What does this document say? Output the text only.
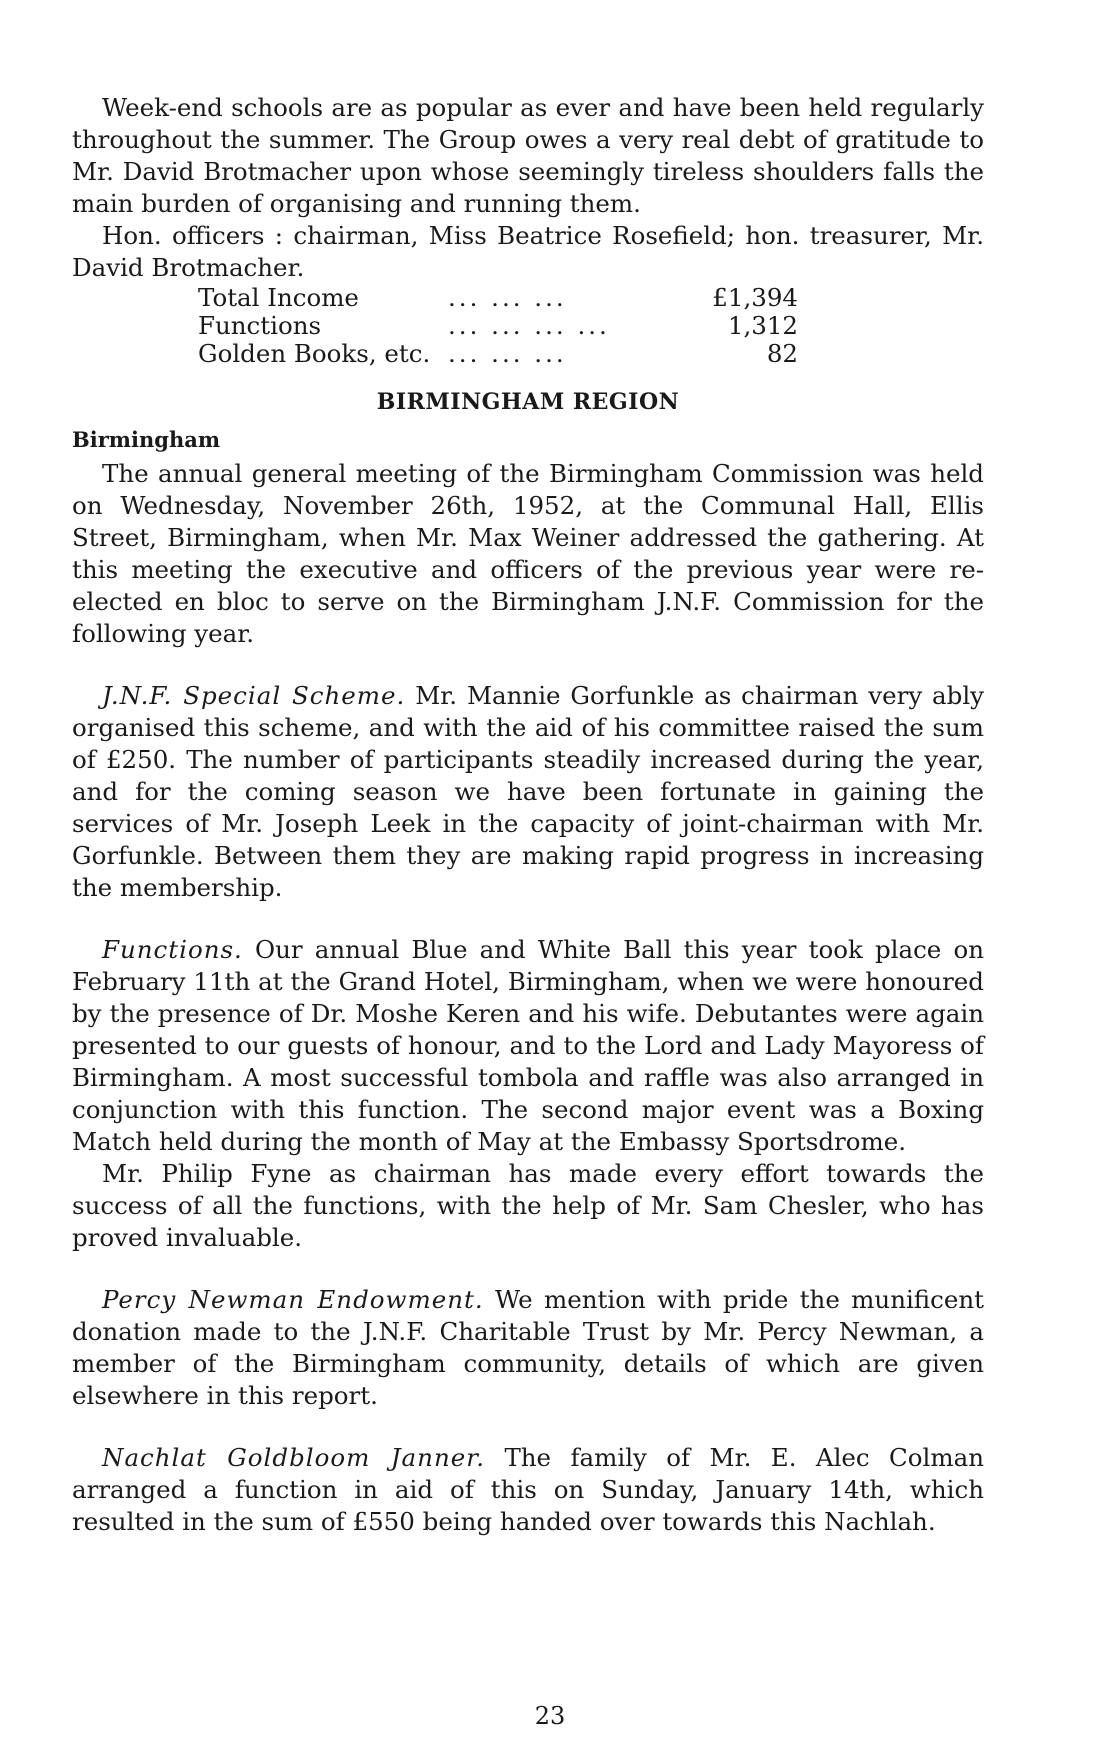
Week-end schools are as popular as ever and have been held regularly throughout the summer. The Group owes a very real debt of gratitude to Mr. David Brotmacher upon whose seemingly tireless shoulders falls the main burden of organising and running them.

Hon. officers : chairman, Miss Beatrice Rosefield; hon. treasurer, Mr. David Brotmacher.

Total Income	... ... ...	£1,394
Functions	... ... ... ...	1,312
Golden Books, etc.	... ... ...	82
BIRMINGHAM REGION
Birmingham

The annual general meeting of the Birmingham Commission was held on Wednesday, November 26th, 1952, at the Communal Hall, Ellis Street, Birmingham, when Mr. Max Weiner addressed the gathering. At this meeting the executive and officers of the previous year were re-elected en bloc to serve on the Birmingham J.N.F. Commission for the following year.

J.N.F. Special Scheme. Mr. Mannie Gorfunkle as chairman very ably organised this scheme, and with the aid of his committee raised the sum of £250. The number of participants steadily increased during the year, and for the coming season we have been fortunate in gaining the services of Mr. Joseph Leek in the capacity of joint-chairman with Mr. Gorfunkle. Between them they are making rapid progress in increasing the membership.

Functions. Our annual Blue and White Ball this year took place on February 11th at the Grand Hotel, Birmingham, when we were honoured by the presence of Dr. Moshe Keren and his wife. Debutantes were again presented to our guests of honour, and to the Lord and Lady Mayoress of Birmingham. A most successful tombola and raffle was also arranged in conjunction with this function. The second major event was a Boxing Match held during the month of May at the Embassy Sportsdrome.

Mr. Philip Fyne as chairman has made every effort towards the success of all the functions, with the help of Mr. Sam Chesler, who has proved invaluable.

Percy Newman Endowment. We mention with pride the munificent donation made to the J.N.F. Charitable Trust by Mr. Percy Newman, a member of the Birmingham community, details of which are given elsewhere in this report.

Nachlat Goldbloom Janner. The family of Mr. E. Alec Colman arranged a function in aid of this on Sunday, January 14th, which resulted in the sum of £550 being handed over towards this Nachlah.

23
